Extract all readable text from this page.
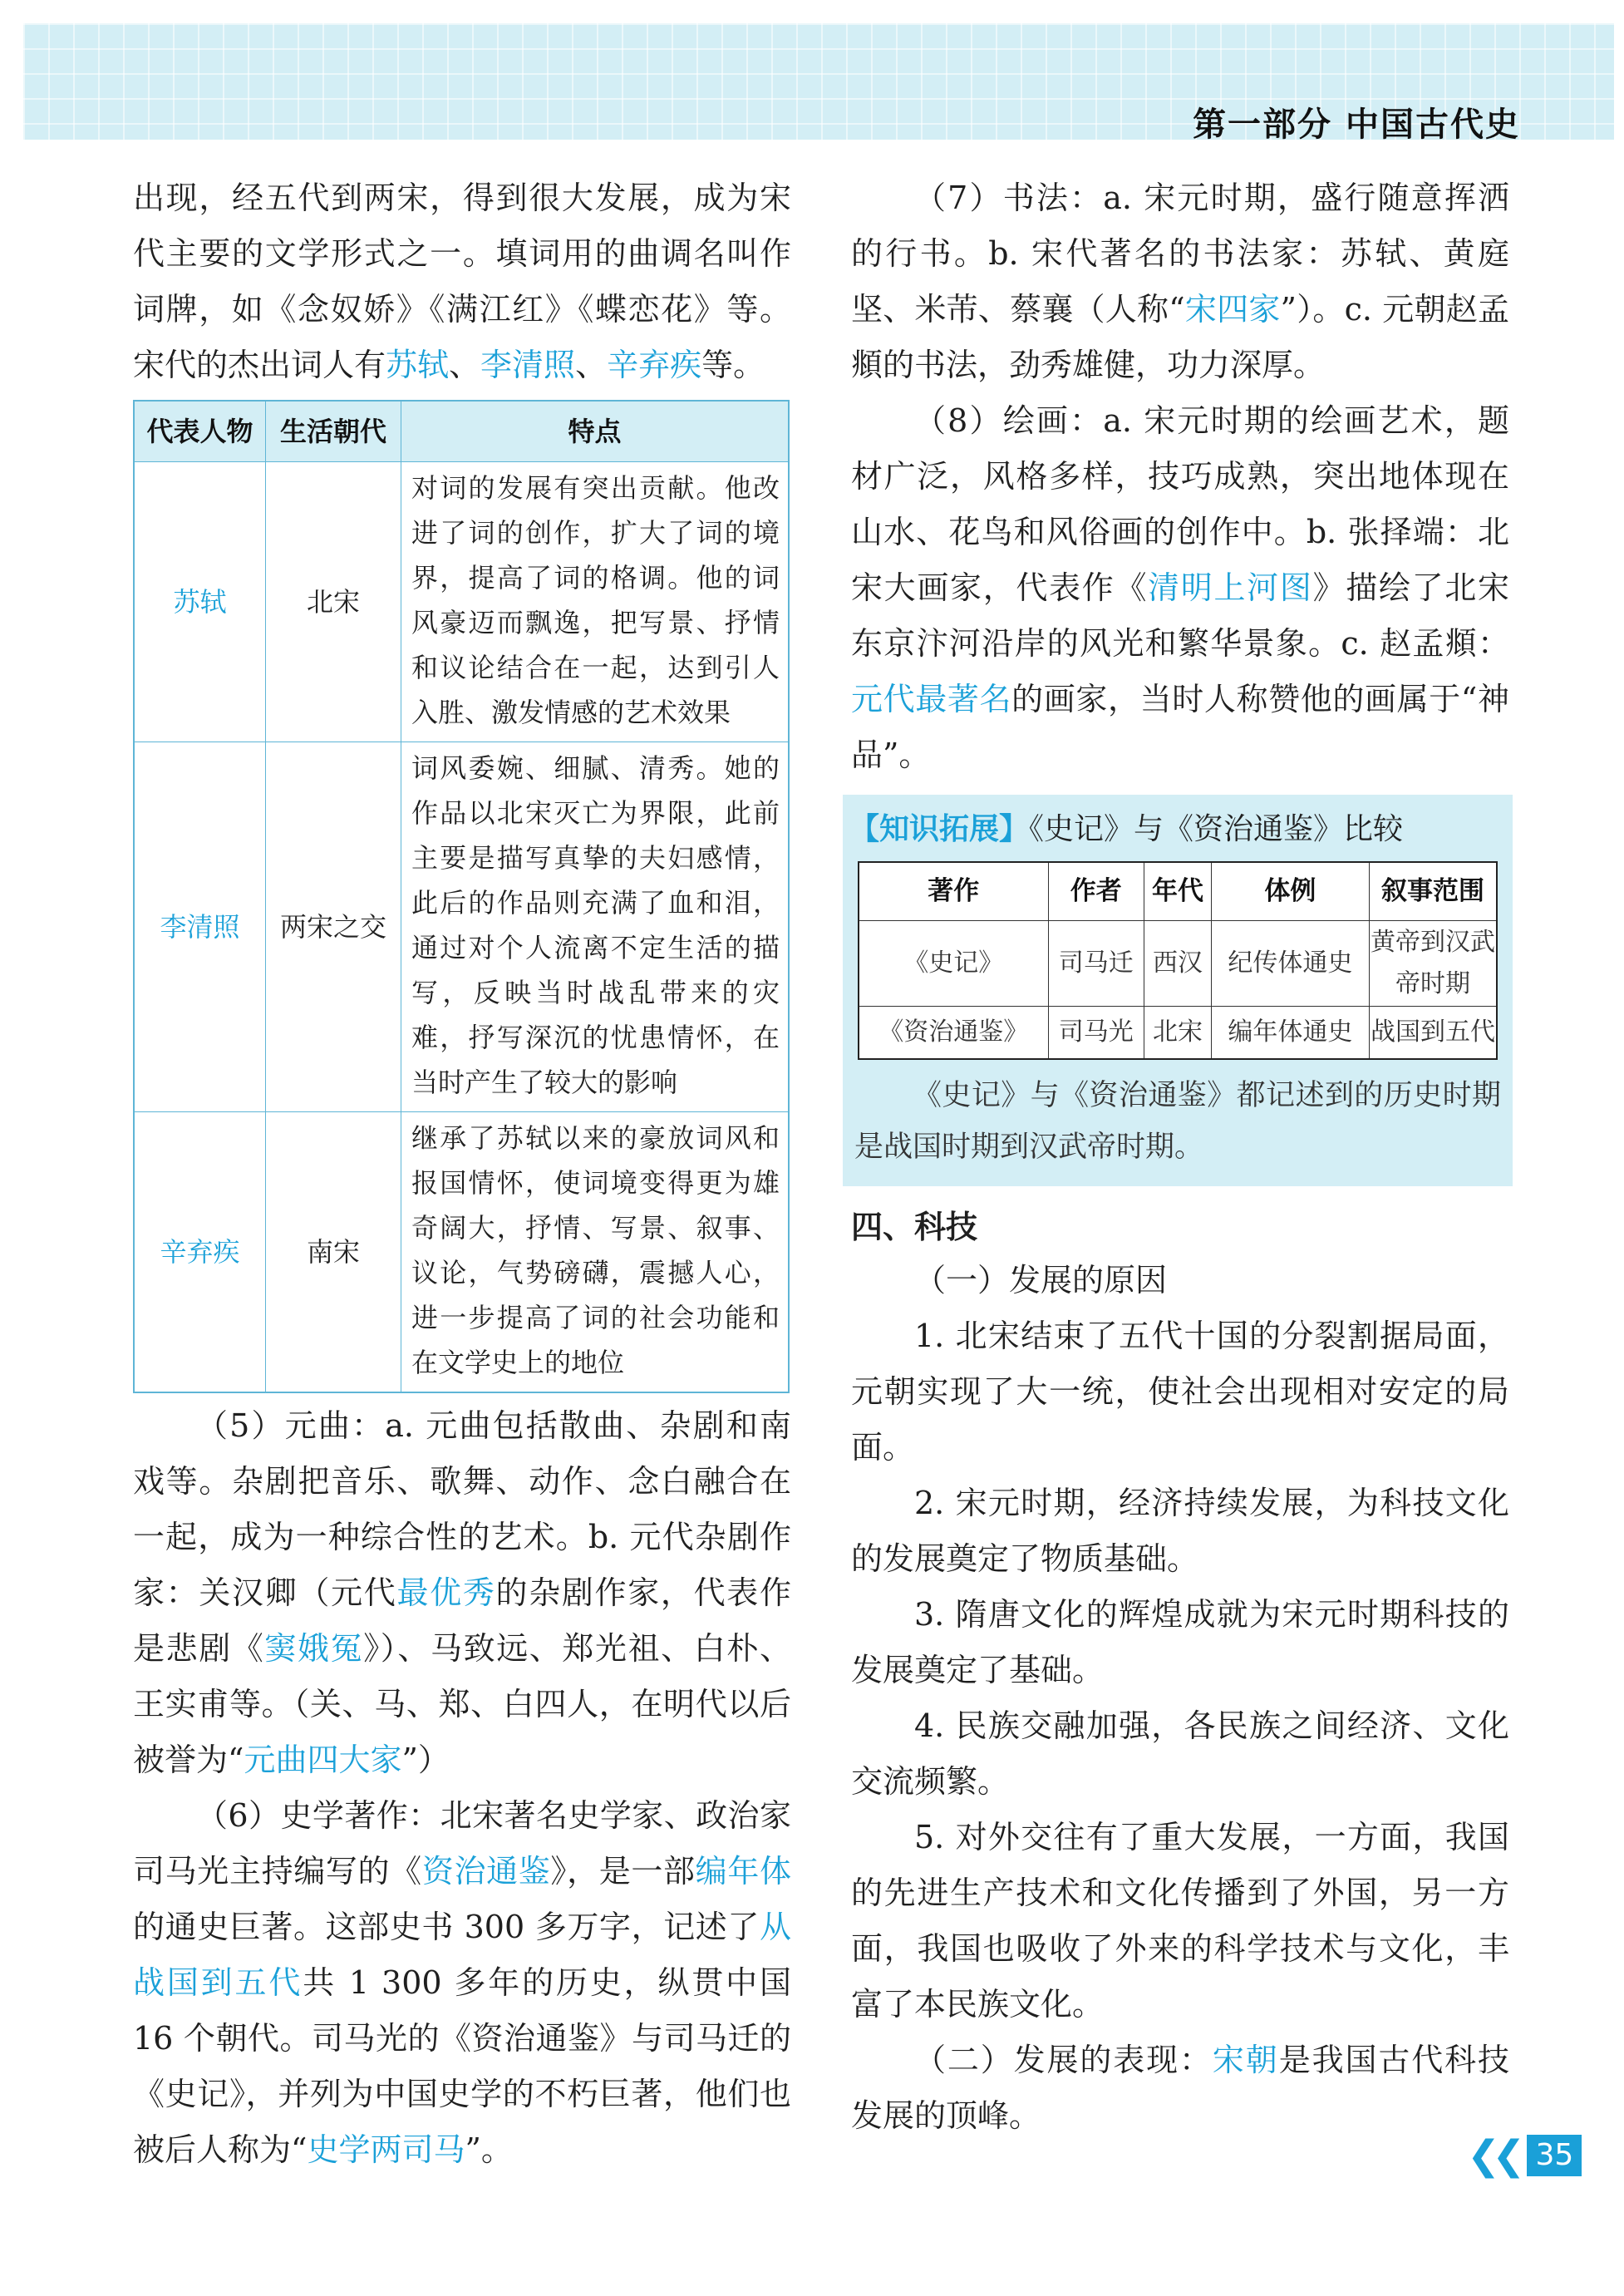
第一部分 中国古代史

出现，经五代到两宋，得到很大发展，成为宋代主要的文学形式之一。填词用的曲调名叫作词牌，如《念奴娇》《满江红》《蝶恋花》等。宋代的杰出词人有苏轼、李清照、辛弃疾等。

代表人物	生活朝代	特点
苏轼	北宋	对词的发展有突出贡献。他改进了词的创作，扩大了词的境界，提高了词的格调。他的词风豪迈而飘逸，把写景、抒情和议论结合在一起，达到引人入胜、激发情感的艺术效果
李清照	两宋之交	词风委婉、细腻、清秀。她的作品以北宋灭亡为界限，此前主要是描写真挚的夫妇感情，此后的作品则充满了血和泪，通过对个人流离不定生活的描写，反映当时战乱带来的灾难，抒写深沉的忧患情怀，在当时产生了较大的影响
辛弃疾	南宋	继承了苏轼以来的豪放词风和报国情怀，使词境变得更为雄奇阔大，抒情、写景、叙事、议论，气势磅礴，震撼人心，进一步提高了词的社会功能和在文学史上的地位

（5）元曲：a. 元曲包括散曲、杂剧和南戏等。杂剧把音乐、歌舞、动作、念白融合在一起，成为一种综合性的艺术。b. 元代杂剧作家：关汉卿（元代最优秀的杂剧作家，代表作是悲剧《窦娥冤》）、马致远、郑光祖、白朴、王实甫等。（关、马、郑、白四人，在明代以后被誉为“元曲四大家”）

（6）史学著作：北宋著名史学家、政治家司马光主持编写的《资治通鉴》，是一部编年体的通史巨著。这部史书 300 多万字，记述了从战国到五代共 1 300 多年的历史，纵贯中国 16 个朝代。司马光的《资治通鉴》与司马迁的《史记》，并列为中国史学的不朽巨著，他们也被后人称为“史学两司马”。

（7）书法：a. 宋元时期，盛行随意挥洒的行书。b. 宋代著名的书法家：苏轼、黄庭坚、米芾、蔡襄（人称“宋四家”）。c. 元朝赵孟頫的书法，劲秀雄健，功力深厚。

（8）绘画：a. 宋元时期的绘画艺术，题材广泛，风格多样，技巧成熟，突出地体现在山水、花鸟和风俗画的创作中。b. 张择端：北宋大画家，代表作《清明上河图》描绘了北宋东京汴河沿岸的风光和繁华景象。c. 赵孟頫：元代最著名的画家，当时人称赞他的画属于“神品”。

【知识拓展】《史记》与《资治通鉴》比较
著作	作者	年代	体例	叙事范围
《史记》	司马迁	西汉	纪传体通史	黄帝到汉武帝时期
《资治通鉴》	司马光	北宋	编年体通史	战国到五代

《史记》与《资治通鉴》都记述到的历史时期是战国时期到汉武帝时期。

四、科技

（一）发展的原因

1. 北宋结束了五代十国的分裂割据局面，元朝实现了大一统，使社会出现相对安定的局面。

2. 宋元时期，经济持续发展，为科技文化的发展奠定了物质基础。

3. 隋唐文化的辉煌成就为宋元时期科技的发展奠定了基础。

4. 民族交融加强，各民族之间经济、文化交流频繁。

5. 对外交往有了重大发展，一方面，我国的先进生产技术和文化传播到了外国，另一方面，我国也吸收了外来的科学技术与文化，丰富了本民族文化。

（二）发展的表现：宋朝是我国古代科技发展的顶峰。

❮❮ 35
